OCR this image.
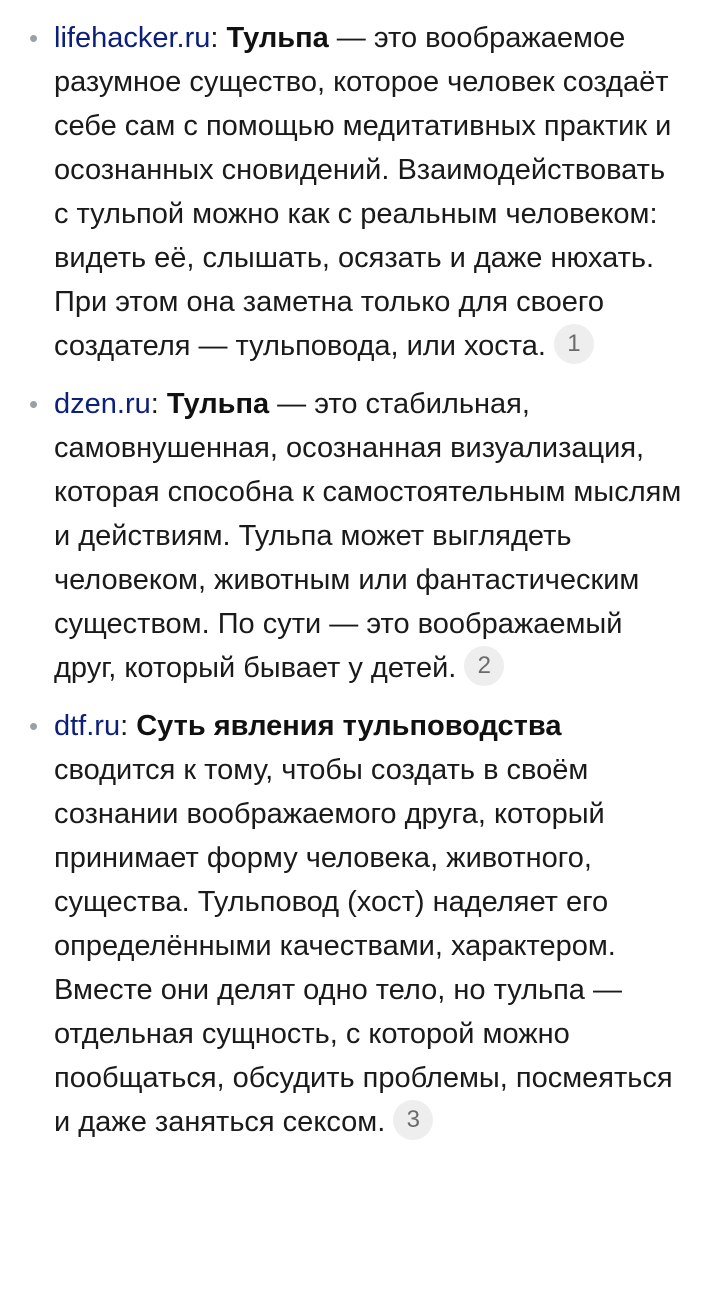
• lifehacker.ru: Тульпа — это воображаемое разумное существо, которое человек создаёт себе сам с помощью медитативных практик и осознанных сновидений. Взаимодействовать с тульпой можно как с реальным человеком: видеть её, слышать, осязать и даже нюхать. При этом она заметна только для своего создателя — тульповода, или хоста. 1
• dzen.ru: Тульпа — это стабильная, самовнушенная, осознанная визуализация, которая способна к самостоятельным мыслям и действиям. Тульпа может выглядеть человеком, животным или фантастическим существом. По сути — это воображаемый друг, который бывает у детей. 2
• dtf.ru: Суть явления тульповодства сводится к тому, чтобы создать в своём сознании воображаемого друга, который принимает форму человека, животного, существа. Тульповод (хост) наделяет его определёнными качествами, характером. Вместе они делят одно тело, но тульпа — отдельная сущность, с которой можно пообщаться, обсудить проблемы, посмеяться и даже заняться сексом. 3
